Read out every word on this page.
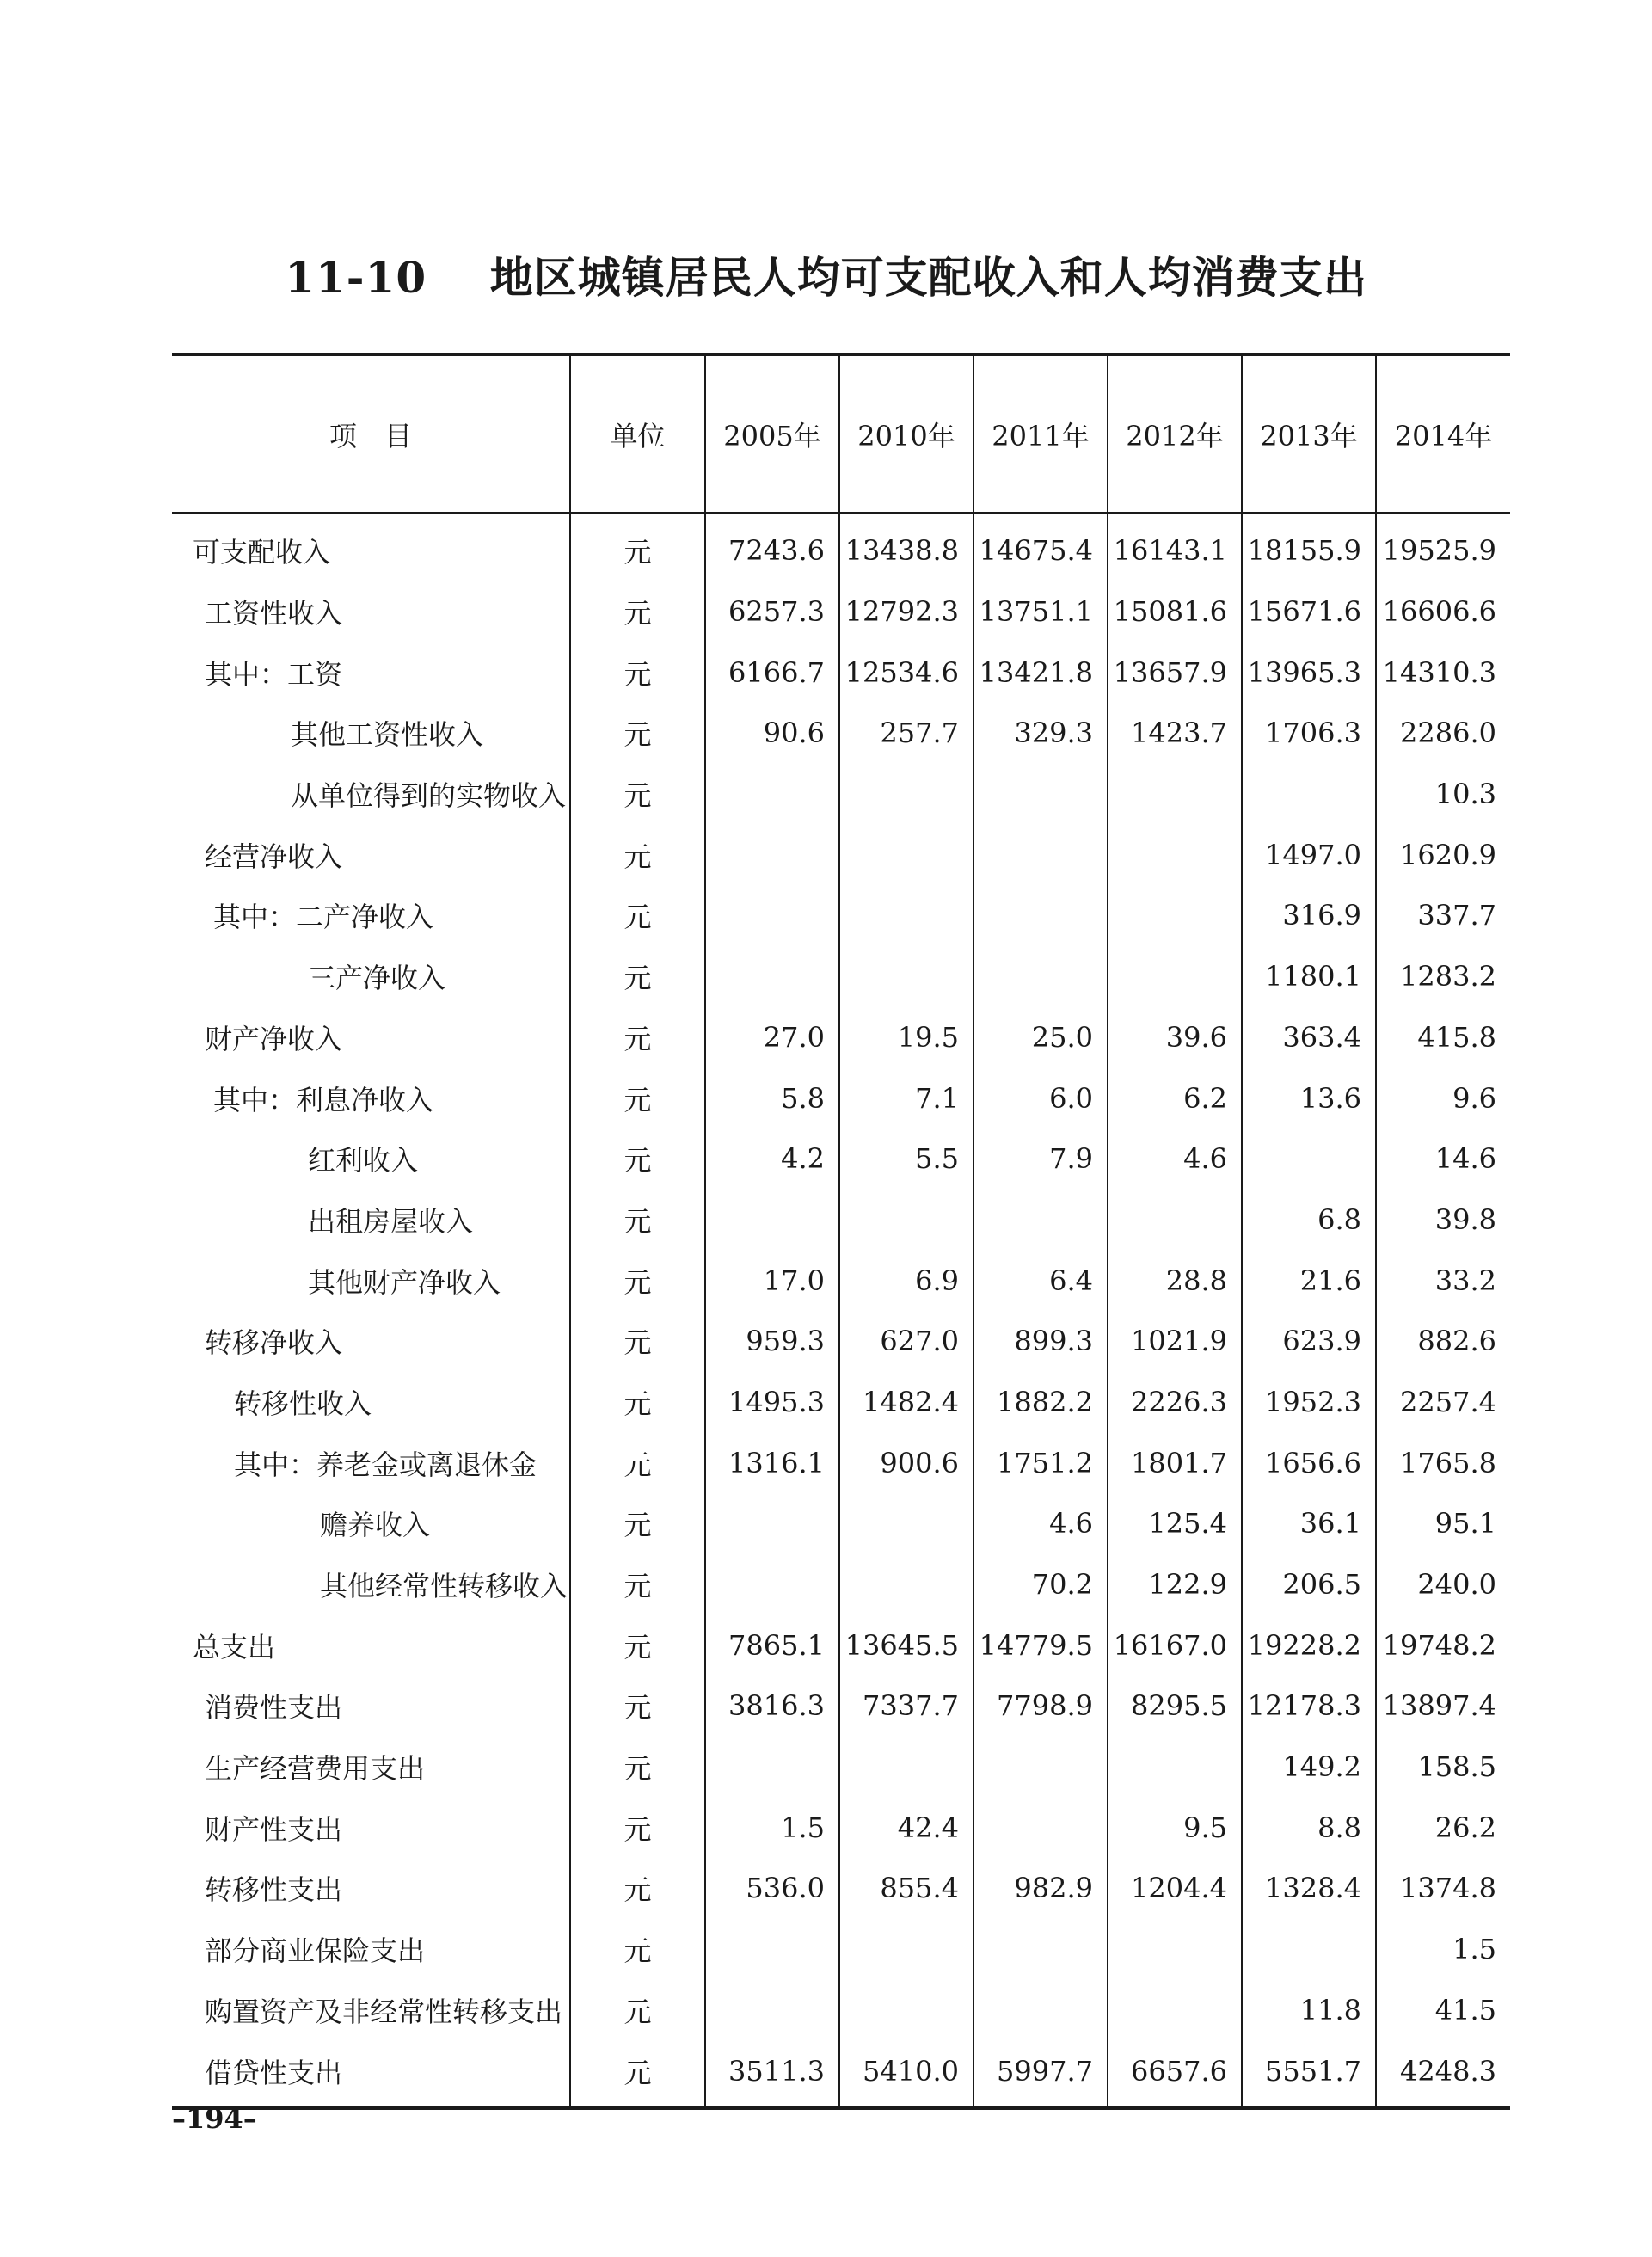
11-10    地区城镇居民人均可支配收入和人均消费支出
项　目	单位	2005年	2010年	2011年	2012年	2013年	2014年
可支配收入	元	7243.6	13438.8	14675.4	16143.1	18155.9	19525.9
工资性收入	元	6257.3	12792.3	13751.1	15081.6	15671.6	16606.6
其中：工资	元	6166.7	12534.6	13421.8	13657.9	13965.3	14310.3
其他工资性收入	元	90.6	257.7	329.3	1423.7	1706.3	2286.0
从单位得到的实物收入	元						10.3
经营净收入	元					1497.0	1620.9
其中：二产净收入	元					316.9	337.7
三产净收入	元					1180.1	1283.2
财产净收入	元	27.0	19.5	25.0	39.6	363.4	415.8
其中：利息净收入	元	5.8	7.1	6.0	6.2	13.6	9.6
红利收入	元	4.2	5.5	7.9	4.6		14.6
出租房屋收入	元					6.8	39.8
其他财产净收入	元	17.0	6.9	6.4	28.8	21.6	33.2
转移净收入	元	959.3	627.0	899.3	1021.9	623.9	882.6
转移性收入	元	1495.3	1482.4	1882.2	2226.3	1952.3	2257.4
其中：养老金或离退休金	元	1316.1	900.6	1751.2	1801.7	1656.6	1765.8
赡养收入	元			4.6	125.4	36.1	95.1
其他经常性转移收入	元			70.2	122.9	206.5	240.0
总支出	元	7865.1	13645.5	14779.5	16167.0	19228.2	19748.2
消费性支出	元	3816.3	7337.7	7798.9	8295.5	12178.3	13897.4
生产经营费用支出	元					149.2	158.5
财产性支出	元	1.5	42.4		9.5	8.8	26.2
转移性支出	元	536.0	855.4	982.9	1204.4	1328.4	1374.8
部分商业保险支出	元						1.5
购置资产及非经常性转移支出	元					11.8	41.5
借贷性支出	元	3511.3	5410.0	5997.7	6657.6	5551.7	4248.3
–194–
